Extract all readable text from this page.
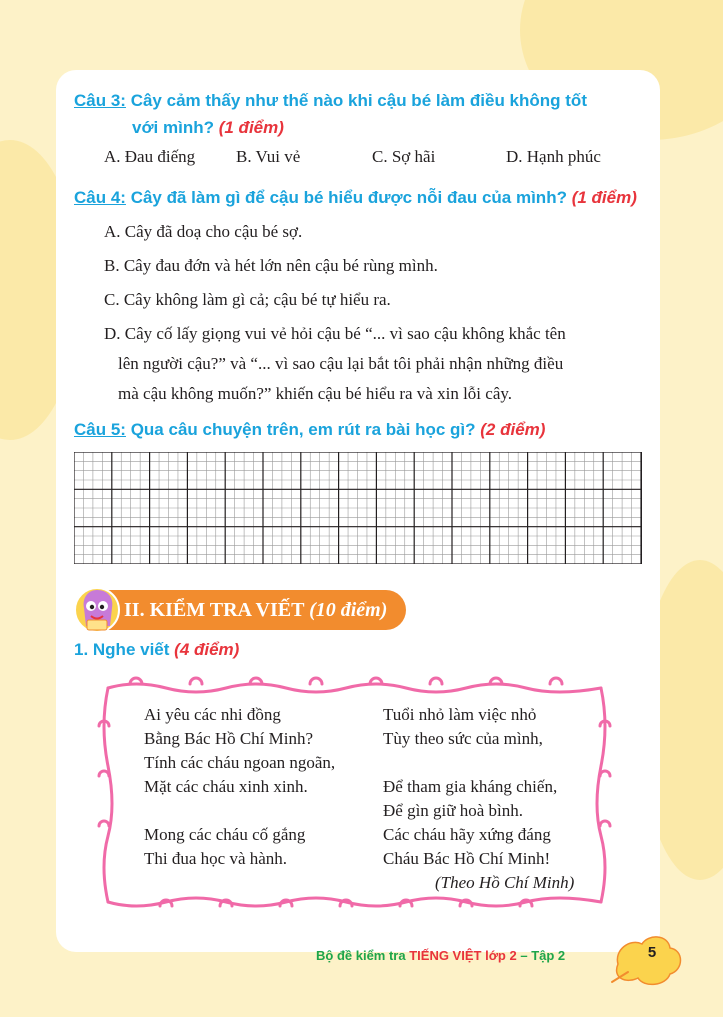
Câu 3: Cây cảm thấy như thế nào khi cậu bé làm điều không tốt
với mình? (1 điểm)
A. Đau điếng B. Vui vẻ	C. Sợ hãi	D. Hạnh phúc
Câu 4: Cây đã làm gì để cậu bé hiểu được nỗi đau của mình? (1 điểm)
A. Cây đã doạ cho cậu bé sợ.
B. Cây đau đớn và hét lớn nên cậu bé rùng mình.
C. Cây không làm gì cả; cậu bé tự hiểu ra.
D. Cây cố lấy giọng vui vẻ hỏi cậu bé “... vì sao cậu không khắc tên
lên người cậu?” và “... vì sao cậu lại bắt tôi phải nhận những điều
mà cậu không muốn?” khiến cậu bé hiểu ra và xin lỗi cây.
Câu 5: Qua câu chuyện trên, em rút ra bài học gì? (2 điểm)
II. KIỂM TRA VIẾT (10 điểm)
1. Nghe viết (4 điểm)
Ai yêu các nhi đồng
Bằng Bác Hồ Chí Minh?
Tính các cháu ngoan ngoãn,
Mặt các cháu xinh xinh.
Mong các cháu cố gắng
Thi đua học và hành.
Tuổi nhỏ làm việc nhỏ
Tùy theo sức của mình,
Để tham gia kháng chiến,
Để gìn giữ hoà bình.
Các cháu hãy xứng đáng
Cháu Bác Hồ Chí Minh!
(Theo Hồ Chí Minh)
Bộ đề kiểm tra TIẾNG VIỆT lớp 2 – Tập 2	5
